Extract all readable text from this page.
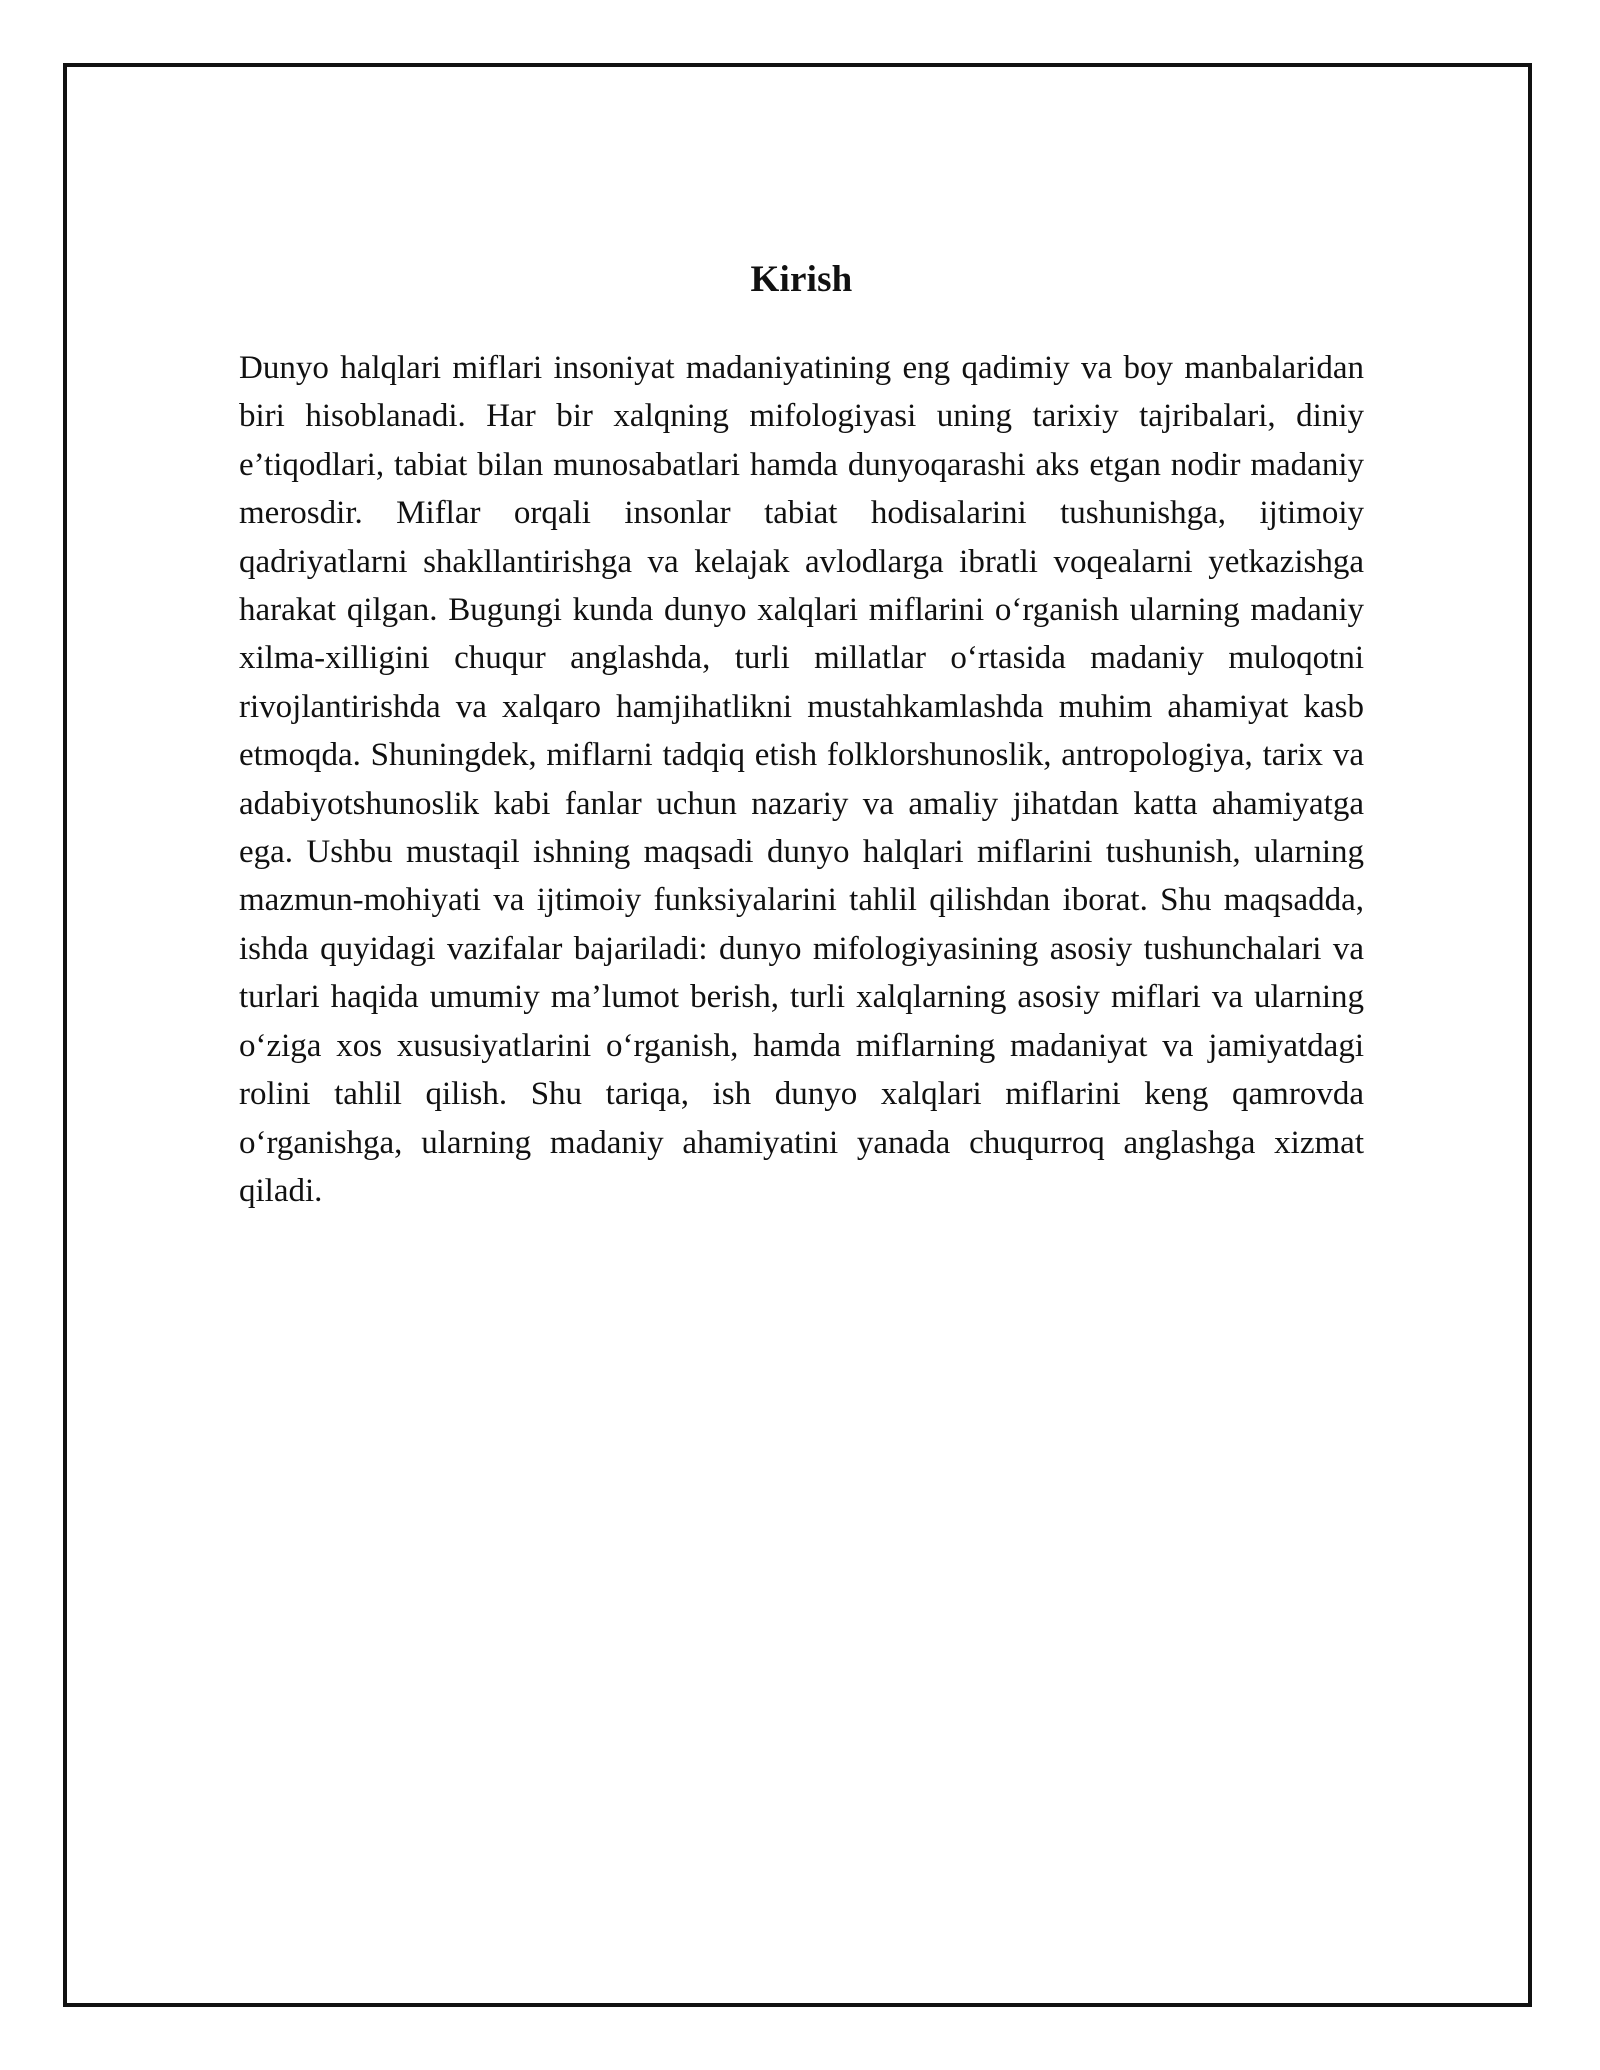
Kirish

Dunyo halqlari miflari insoniyat madaniyatining eng qadimiy va boy manbalaridan biri hisoblanadi. Har bir xalqning mifologiyasi uning tarixiy tajribalari, diniy e’tiqodlari, tabiat bilan munosabatlari hamda dunyoqarashi aks etgan nodir madaniy merosdir. Miflar orqali insonlar tabiat hodisalarini tushunishga, ijtimoiy qadriyatlarni shakllantirishga va kelajak avlodlarga ibratli voqealarni yetkazishga harakat qilgan. Bugungi kunda dunyo xalqlari miflarini o‘rganish ularning madaniy xilma-xilligini chuqur anglashda, turli millatlar o‘rtasida madaniy muloqotni rivojlantirishda va xalqaro hamjihatlikni mustahkamlashda muhim ahamiyat kasb etmoqda. Shuningdek, miflarni tadqiq etish folklorshunoslik, antropologiya, tarix va adabiyotshunoslik kabi fanlar uchun nazariy va amaliy jihatdan katta ahamiyatga ega. Ushbu mustaqil ishning maqsadi dunyo halqlari miflarini tushunish, ularning mazmun-mohiyati va ijtimoiy funksiyalarini tahlil qilishdan iborat. Shu maqsadda, ishda quyidagi vazifalar bajariladi: dunyo mifologiyasining asosiy tushunchalari va turlari haqida umumiy ma’lumot berish, turli xalqlarning asosiy miflari va ularning o‘ziga xos xususiyatlarini o‘rganish, hamda miflarning madaniyat va jamiyatdagi rolini tahlil qilish. Shu tariqa, ish dunyo xalqlari miflarini keng qamrovda o‘rganishga, ularning madaniy ahamiyatini yanada chuqurroq anglashga xizmat qiladi.
